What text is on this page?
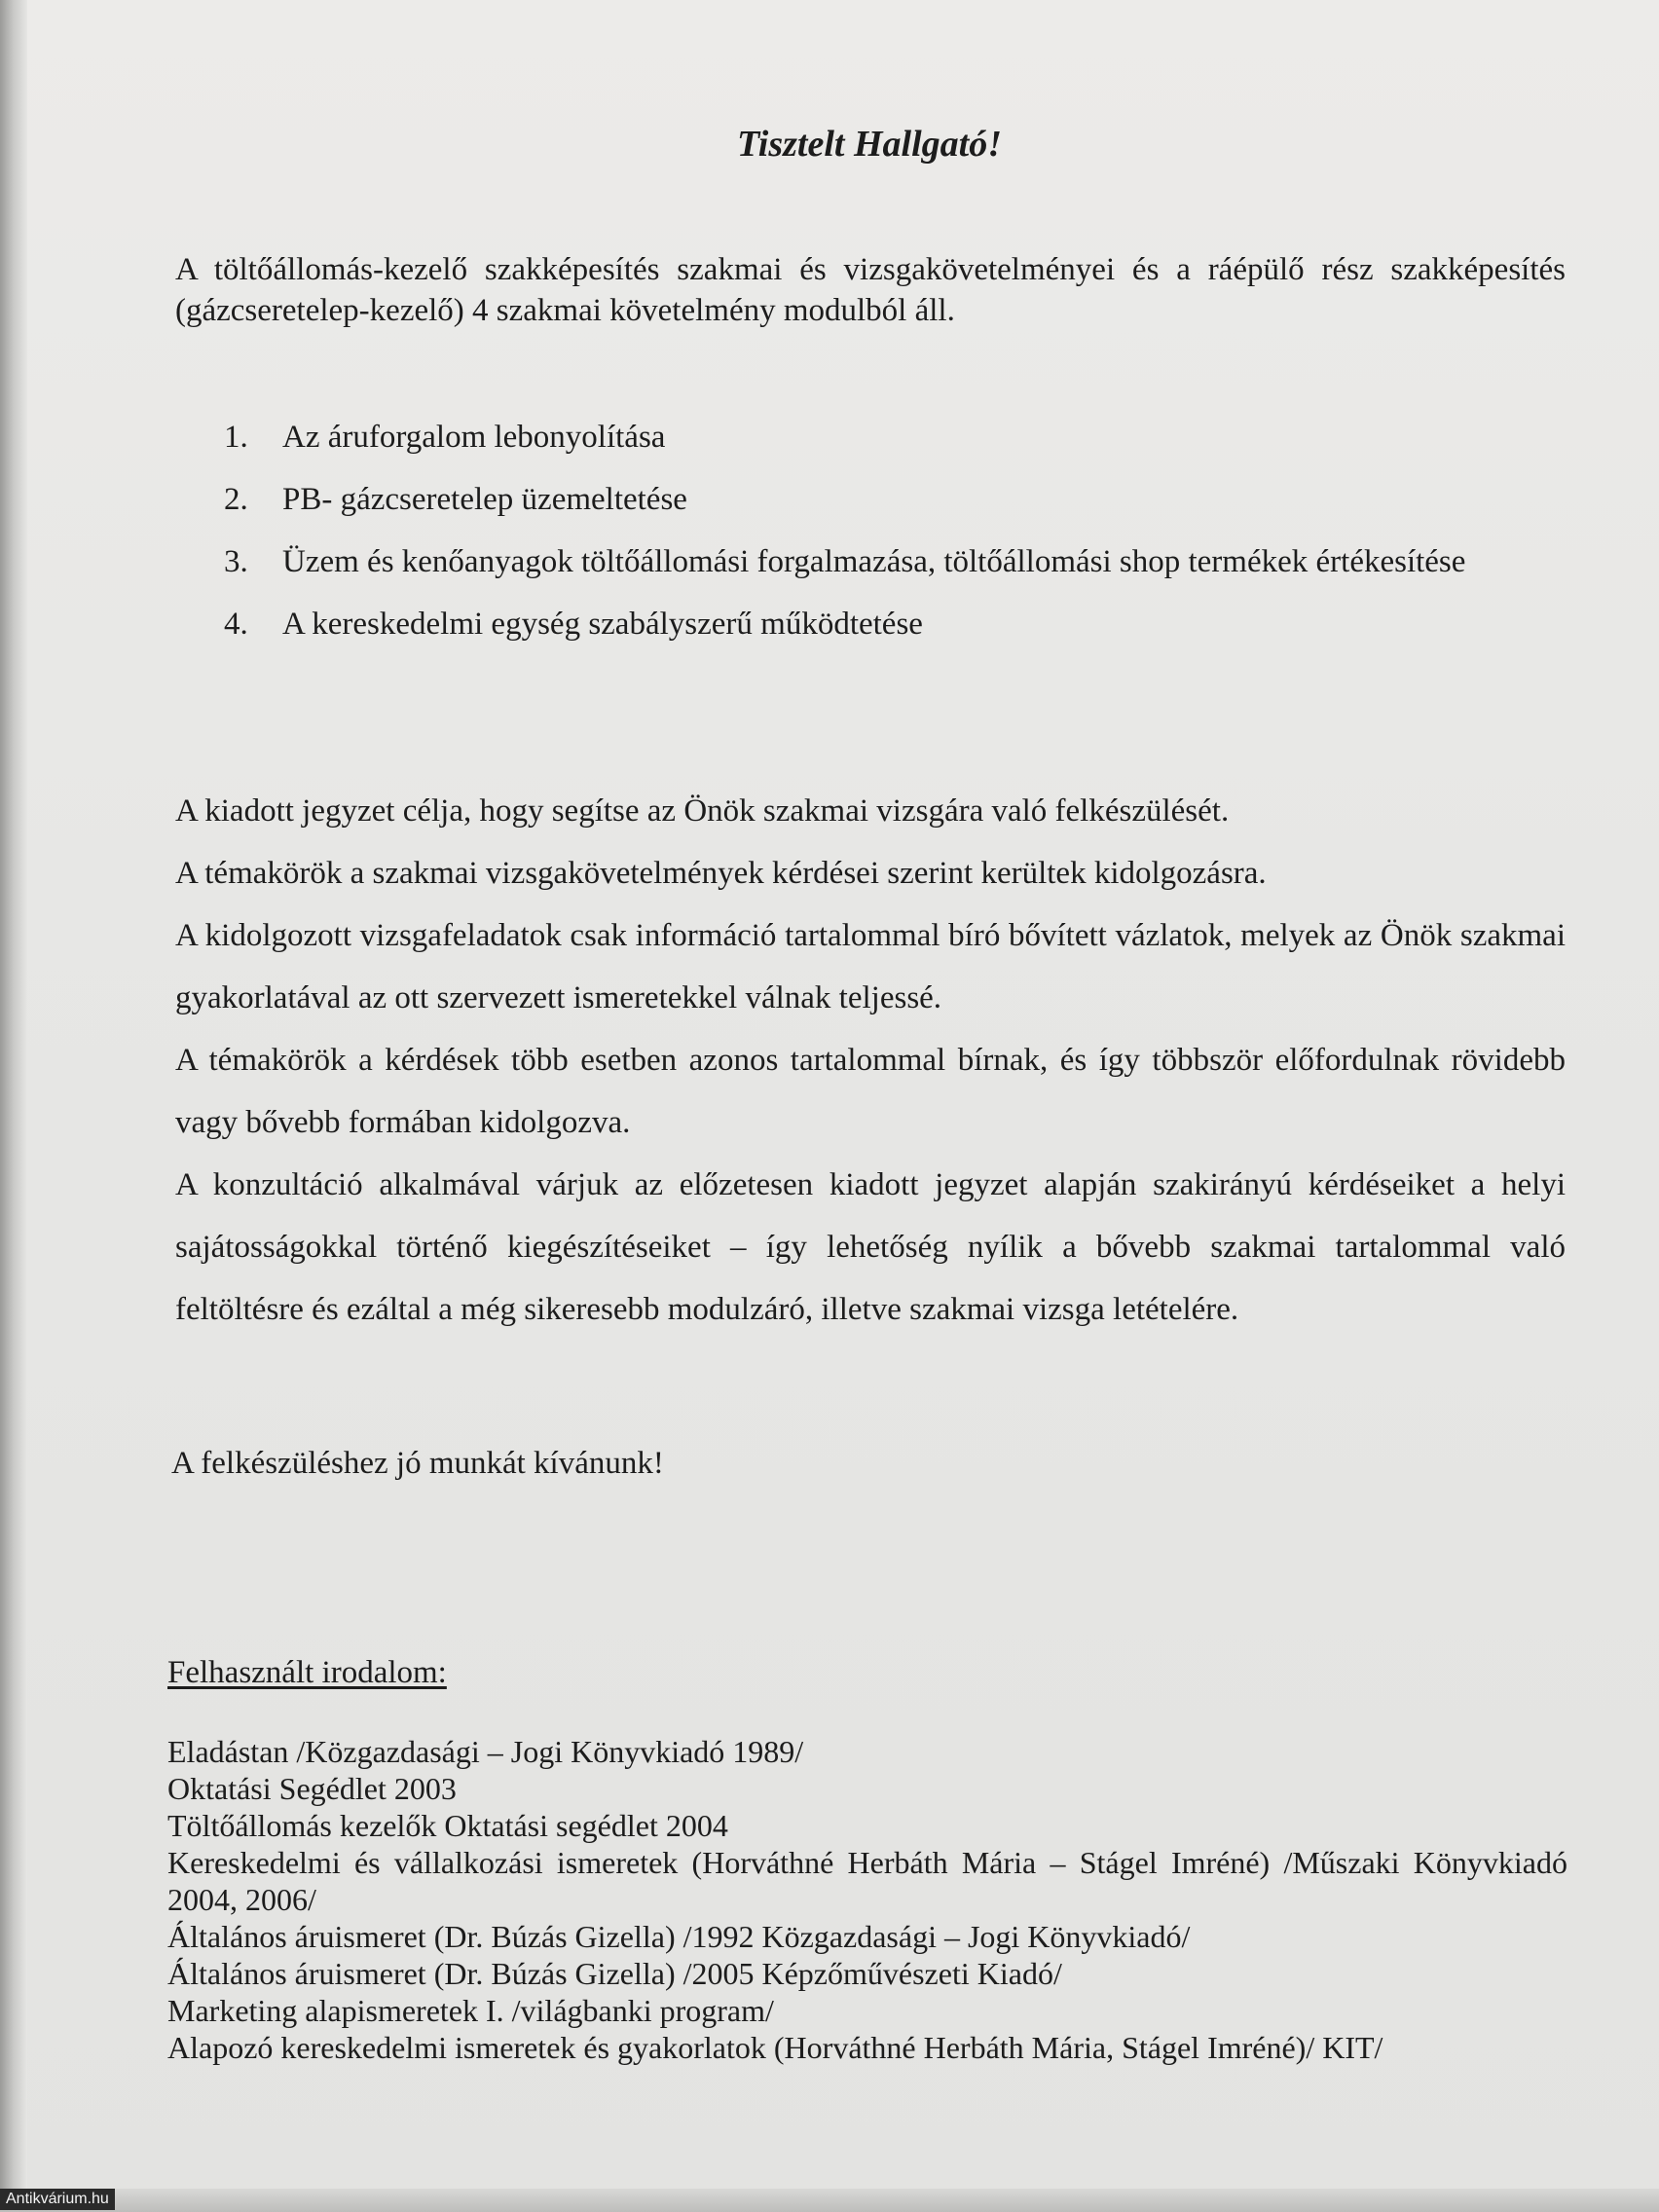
Tisztelt Hallgató!
A töltőállomás-kezelő szakképesítés szakmai és vizsgakövetelményei és a ráépülő rész szakképesítés (gázcseretelep-kezelő) 4 szakmai követelmény modulból áll.
1. Az áruforgalom lebonyolítása
2. PB- gázcseretelep üzemeltetése
3. Üzem és kenőanyagok töltőállomási forgalmazása, töltőállomási shop termékek értékesítése
4. A kereskedelmi egység szabályszerű működtetése

A kiadott jegyzet célja, hogy segítse az Önök szakmai vizsgára való felkészülését.

A témakörök a szakmai vizsgakövetelmények kérdései szerint kerültek kidolgozásra.

A kidolgozott vizsgafeladatok csak információ tartalommal bíró bővített vázlatok, melyek az Önök szakmai gyakorlatával az ott szervezett ismeretekkel válnak teljessé.

A témakörök a kérdések több esetben azonos tartalommal bírnak, és így többször előfordulnak rövidebb vagy bővebb formában kidolgozva.

A konzultáció alkalmával várjuk az előzetesen kiadott jegyzet alapján szakirányú kérdéseiket a helyi sajátosságokkal történő kiegészítéseiket – így lehetőség nyílik a bővebb szakmai tartalommal való feltöltésre és ezáltal a még sikeresebb modulzáró, illetve szakmai vizsga letételére.

A felkészüléshez jó munkát kívánunk!
Felhasznált irodalom:
Eladástan /Közgazdasági – Jogi Könyvkiadó 1989/
Oktatási Segédlet 2003
Töltőállomás kezelők Oktatási segédlet 2004
Kereskedelmi és vállalkozási ismeretek (Horváthné Herbáth Mária – Stágel Imréné) /Műszaki Könyvkiadó 2004, 2006/
Általános áruismeret (Dr. Búzás Gizella) /1992 Közgazdasági – Jogi Könyvkiadó/
Általános áruismeret (Dr. Búzás Gizella) /2005 Képzőművészeti Kiadó/
Marketing alapismeretek I. /világbanki program/
Alapozó kereskedelmi ismeretek és gyakorlatok (Horváthné Herbáth Mária, Stágel Imréné)/ KIT/
Antikvárium.hu
